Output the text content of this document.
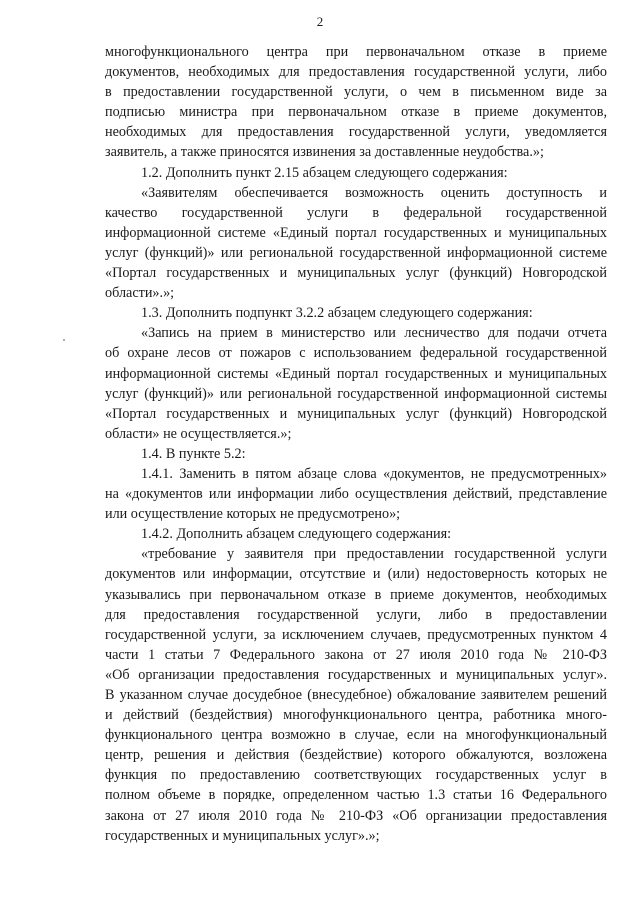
2

многофункционального центра при первоначальном отказе в приеме

документов, необходимых для предоставления государственной услуги, либо

в предоставлении государственной услуги, о чем в письменном виде за

подписью министра при первоначальном отказе в приеме документов,

необходимых для предоставления государственной услуги, уведомляется

заявитель, а также приносятся извинения за доставленные неудобства.»;

1.2. Дополнить пункт 2.15 абзацем следующего содержания:

«Заявителям обеспечивается возможность оценить доступность и

качество государственной услуги в федеральной государственной

информационной системе «Единый портал государственных и муниципальных

услуг (функций)» или региональной государственной информационной системе

«Портал государственных и муниципальных услуг (функций) Новгородской

области».»;

1.3. Дополнить подпункт 3.2.2 абзацем следующего содержания:

«Запись на прием в министерство или лесничество для подачи отчета

об охране лесов от пожаров с использованием федеральной государственной

информационной системы «Единый портал государственных и муниципальных

услуг (функций)» или региональной государственной информационной системы

«Портал государственных и муниципальных услуг (функций) Новгородской

области» не осуществляется.»;

1.4. В пункте 5.2:

1.4.1. Заменить в пятом абзаце слова «документов, не предусмотренных»

на «документов или информации либо осуществления действий, представление

или осуществление которых не предусмотрено»;

1.4.2. Дополнить абзацем следующего содержания:

«требование у заявителя при предоставлении государственной услуги

документов или информации, отсутствие и (или) недостоверность которых не

указывались при первоначальном отказе в приеме документов, необходимых

для предоставления государственной услуги, либо в предоставлении

государственной услуги, за исключением случаев, предусмотренных пунктом 4

части 1 статьи 7 Федерального закона от 27 июля 2010 года № 210-ФЗ

«Об организации предоставления государственных и муниципальных услуг».

В указанном случае досудебное (внесудебное) обжалование заявителем решений

и действий (бездействия) многофункционального центра, работника много-

функционального центра возможно в случае, если на многофункциональный

центр, решения и действия (бездействие) которого обжалуются, возложена

функция по предоставлению соответствующих государственных услуг в

полном объеме в порядке, определенном частью 1.3 статьи 16 Федерального

закона от 27 июля 2010 года № 210-ФЗ «Об организации предоставления

государственных и муниципальных услуг».»;
